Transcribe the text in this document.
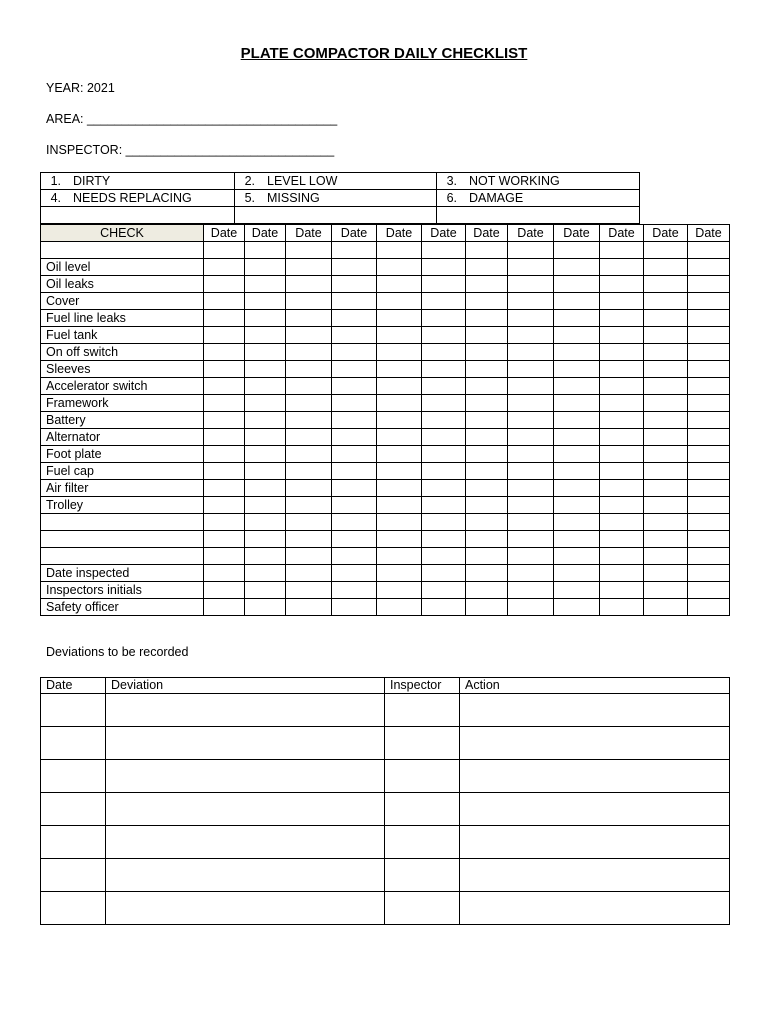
PLATE COMPACTOR DAILY CHECKLIST
YEAR: 2021
AREA: ____________________________________
INSPECTOR: ______________________________
1. DIRTY	2. LEVEL LOW	3. NOT WORKING
4. NEEDS REPLACING	5. MISSING	6. DAMAGE

CHECK	Date	Date	Date	Date	Date	Date	Date	Date	Date	Date	Date	Date

Oil level												
Oil leaks												
Cover												
Fuel line leaks												
Fuel tank												
On off switch												
Sleeves												
Accelerator switch												
Framework												
Battery												
Alternator												
Foot plate												
Fuel cap												
Air filter												
Trolley												

Date inspected												
Inspectors initials												
Safety officer												
Deviations to be recorded
Date	Deviation	Inspector	Action
